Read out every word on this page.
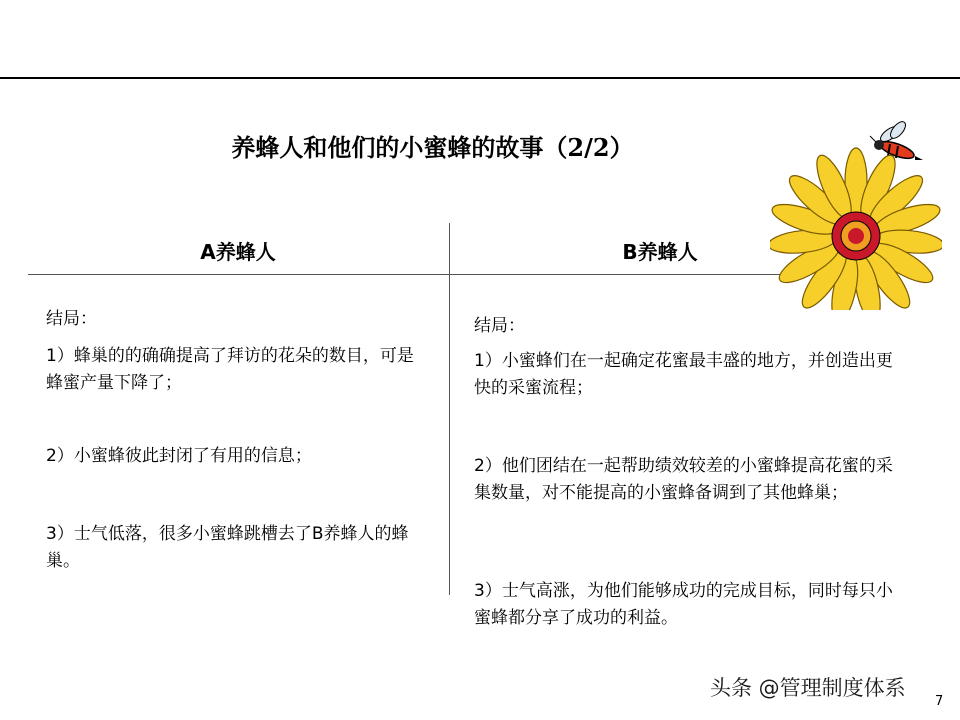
养蜂人和他们的小蜜蜂的故事（2/2）
A养蜂人	B养蜂人

结局：

1）蜂巢的的确确提高了拜访的花朵的数目，可是蜂蜜产量下降了；

2）小蜜蜂彼此封闭了有用的信息；

3）士气低落，很多小蜜蜂跳槽去了B养蜂人的蜂巢。

结局：

1）小蜜蜂们在一起确定花蜜最丰盛的地方，并创造出更快的采蜜流程；

2）他们团结在一起帮助绩效较差的小蜜蜂提高花蜜的采集数量，对不能提高的小蜜蜂备调到了其他蜂巢；

3）士气高涨，为他们能够成功的完成目标，同时每只小蜜蜂都分享了成功的利益。

头条 @管理制度体系
7
